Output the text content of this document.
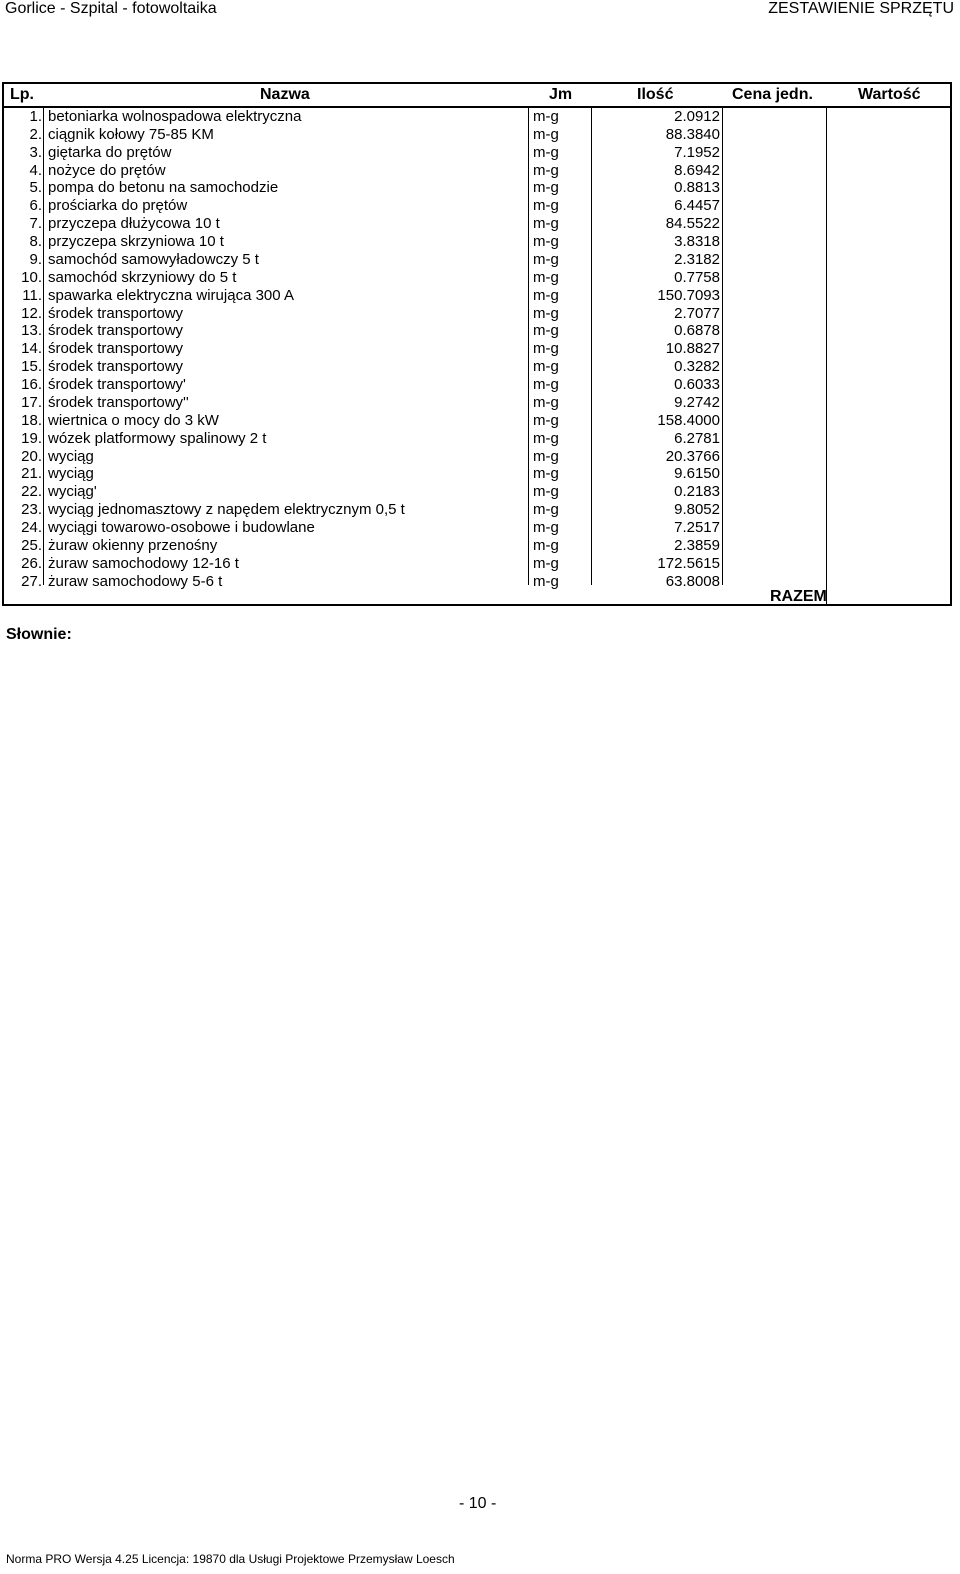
Gorlice - Szpital - fotowoltaika	ZESTAWIENIE SPRZĘTU
Lp.	Nazwa	Jm	Ilość	Cena jedn.	Wartość
1. betoniarka wolnospadowa elektryczna	m-g	2.0912
2. ciągnik kołowy 75-85 KM	m-g	88.3840
3. giętarka do prętów	m-g	7.1952
4. nożyce do prętów	m-g	8.6942
5. pompa do betonu na samochodzie	m-g	0.8813
6. prościarka do prętów	m-g	6.4457
7. przyczepa dłużycowa 10 t	m-g	84.5522
8. przyczepa skrzyniowa 10 t	m-g	3.8318
9. samochód samowyładowczy 5 t	m-g	2.3182
10. samochód skrzyniowy do 5 t	m-g	0.7758
11. spawarka elektryczna wirująca 300 A	m-g	150.7093
12. środek transportowy	m-g	2.7077
13. środek transportowy	m-g	0.6878
14. środek transportowy	m-g	10.8827
15. środek transportowy	m-g	0.3282
16. środek transportowy'	m-g	0.6033
17. środek transportowy''	m-g	9.2742
18. wiertnica o mocy do 3 kW	m-g	158.4000
19. wózek platformowy spalinowy 2 t	m-g	6.2781
20. wyciąg	m-g	20.3766
21. wyciąg	m-g	9.6150
22. wyciąg'	m-g	0.2183
23. wyciąg jednomasztowy z napędem elektrycznym 0,5 t	m-g	9.8052
24. wyciągi towarowo-osobowe i budowlane	m-g	7.2517
25. żuraw okienny przenośny	m-g	2.3859
26. żuraw samochodowy 12-16 t	m-g	172.5615
27. żuraw samochodowy 5-6 t	m-g	63.8008
RAZEM
Słownie:
- 10 -
Norma PRO Wersja 4.25 Licencja: 19870 dla Usługi Projektowe Przemysław Loesch
